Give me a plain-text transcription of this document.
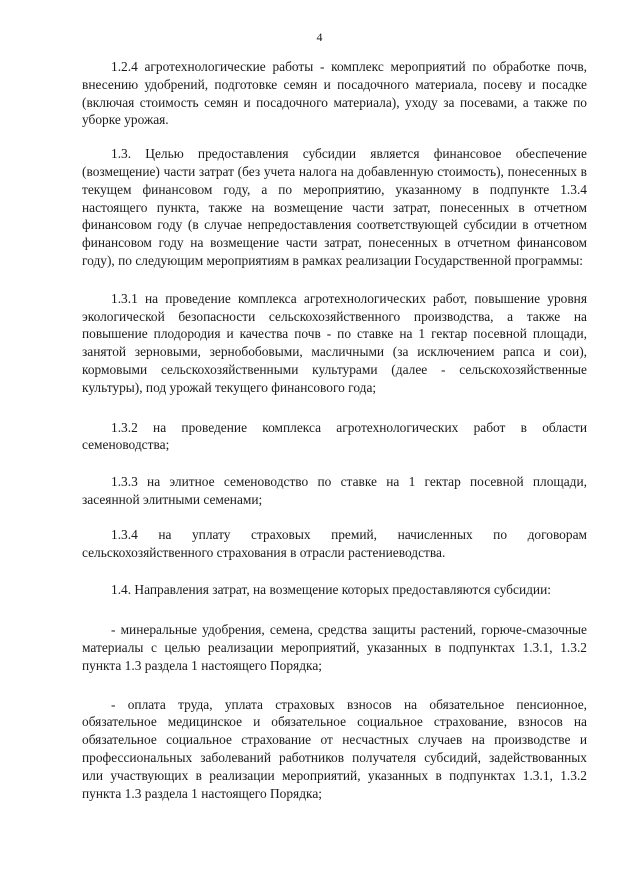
4

1.2.4 агротехнологические работы - комплекс мероприятий по обработке почв, внесению удобрений, подготовке семян и посадочного материала, посеву и посадке (включая стоимость семян и посадочного материала), уходу за посевами, а также по уборке урожая.

1.3. Целью предоставления субсидии является финансовое обеспечение (возмещение) части затрат (без учета налога на добавленную стоимость), понесенных в текущем финансовом году, а по мероприятию, указанному в подпункте 1.3.4 настоящего пункта, также на возмещение части затрат, понесенных в отчетном финансовом году (в случае непредоставления соответствующей субсидии в отчетном финансовом году на возмещение части затрат, понесенных в отчетном финансовом году), по следующим мероприятиям в рамках реализации Государственной программы:

1.3.1 на проведение комплекса агротехнологических работ, повышение уровня экологической безопасности сельскохозяйственного производства, а также на повышение плодородия и качества почв - по ставке на 1 гектар посевной площади, занятой зерновыми, зернобобовыми, масличными (за исключением рапса и сои), кормовыми сельскохозяйственными культурами (далее - сельскохозяйственные культуры), под урожай текущего финансового года;

1.3.2 на проведение комплекса агротехнологических работ в области семеноводства;

1.3.3 на элитное семеноводство по ставке на 1 гектар посевной площади, засеянной элитными семенами;

1.3.4 на уплату страховых премий, начисленных по договорам сельскохозяйственного страхования в отрасли растениеводства.

1.4. Направления затрат, на возмещение которых предоставляются субсидии:

- минеральные удобрения, семена, средства защиты растений, горюче-смазочные материалы с целью реализации мероприятий, указанных в подпунктах 1.3.1, 1.3.2 пункта 1.3 раздела 1 настоящего Порядка;

- оплата труда, уплата страховых взносов на обязательное пенсионное, обязательное медицинское и обязательное социальное страхование, взносов на обязательное социальное страхование от несчастных случаев на производстве и профессиональных заболеваний работников получателя субсидий, задействованных или участвующих в реализации мероприятий, указанных в подпунктах 1.3.1, 1.3.2 пункта 1.3 раздела 1 настоящего Порядка;
